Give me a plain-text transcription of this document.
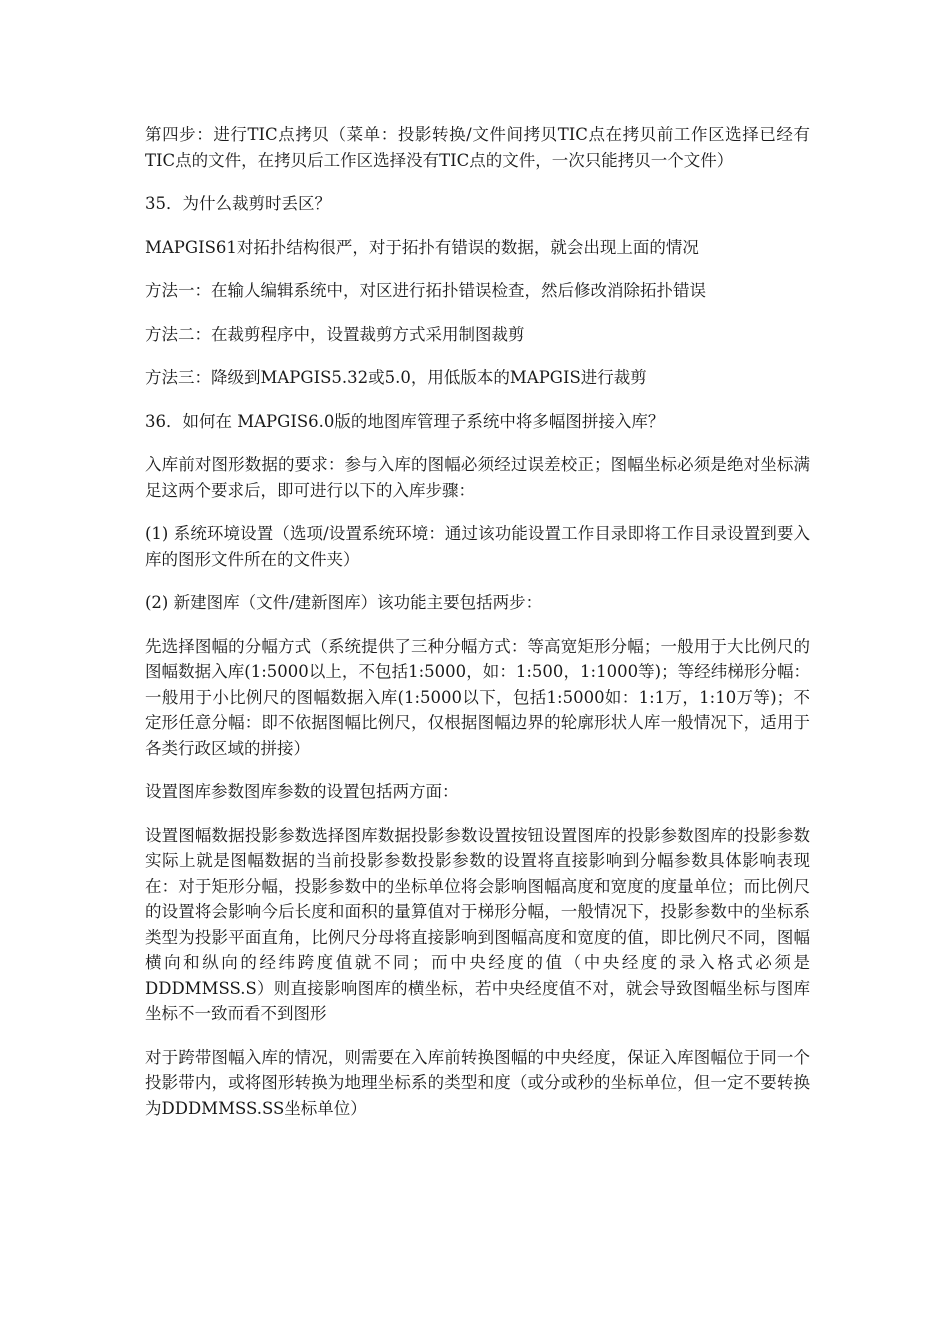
第四步：进行TIC点拷贝（菜单：投影转换/文件间拷贝TIC点在拷贝前工作区选择已经有TIC点的文件，在拷贝后工作区选择没有TIC点的文件，一次只能拷贝一个文件）

35．为什么裁剪时丢区？

MAPGIS61对拓扑结构很严，对于拓扑有错误的数据，就会出现上面的情况

方法一：在输人编辑系统中，对区进行拓扑错误检查，然后修改消除拓扑错误

方法二：在裁剪程序中，设置裁剪方式采用制图裁剪

方法三：降级到MAPGIS5.32或5.0，用低版本的MAPGIS进行裁剪

36．如何在 MAPGIS6.0版的地图库管理子系统中将多幅图拼接入库？

入库前对图形数据的要求：参与入库的图幅必须经过误差校正；图幅坐标必须是绝对坐标满足这两个要求后，即可进行以下的入库步骤：

(1) 系统环境设置（选项/设置系统环境：通过该功能设置工作目录即将工作目录设置到要入库的图形文件所在的文件夹）

(2) 新建图库（文件/建新图库）该功能主要包括两步：

先选择图幅的分幅方式（系统提供了三种分幅方式：等高宽矩形分幅；一般用于大比例尺的图幅数据入库(1:5000以上，不包括1:5000，如：1:500，1:1000等)；等经纬梯形分幅：一般用于小比例尺的图幅数据入库(1:5000以下，包括1:5000如：1:1万，1:10万等)；不定形任意分幅：即不依据图幅比例尺，仅根据图幅边界的轮廓形状人库一般情况下，适用于各类行政区域的拼接）

设置图库参数图库参数的设置包括两方面：

设置图幅数据投影参数选择图库数据投影参数设置按钮设置图库的投影参数图库的投影参数实际上就是图幅数据的当前投影参数投影参数的设置将直接影响到分幅参数具体影响表现在：对于矩形分幅，投影参数中的坐标单位将会影响图幅高度和宽度的度量单位；而比例尺的设置将会影响今后长度和面积的量算值对于梯形分幅，一般情况下，投影参数中的坐标系类型为投影平面直角，比例尺分母将直接影响到图幅高度和宽度的值，即比例尺不同，图幅横向和纵向的经纬跨度值就不同；而中央经度的值（中央经度的录入格式必须是DDDMMSS.S）则直接影响图库的横坐标，若中央经度值不对，就会导致图幅坐标与图库坐标不一致而看不到图形

对于跨带图幅入库的情况，则需要在入库前转换图幅的中央经度，保证入库图幅位于同一个投影带内，或将图形转换为地理坐标系的类型和度（或分或秒的坐标单位，但一定不要转换为DDDMMSS.SS坐标单位）
